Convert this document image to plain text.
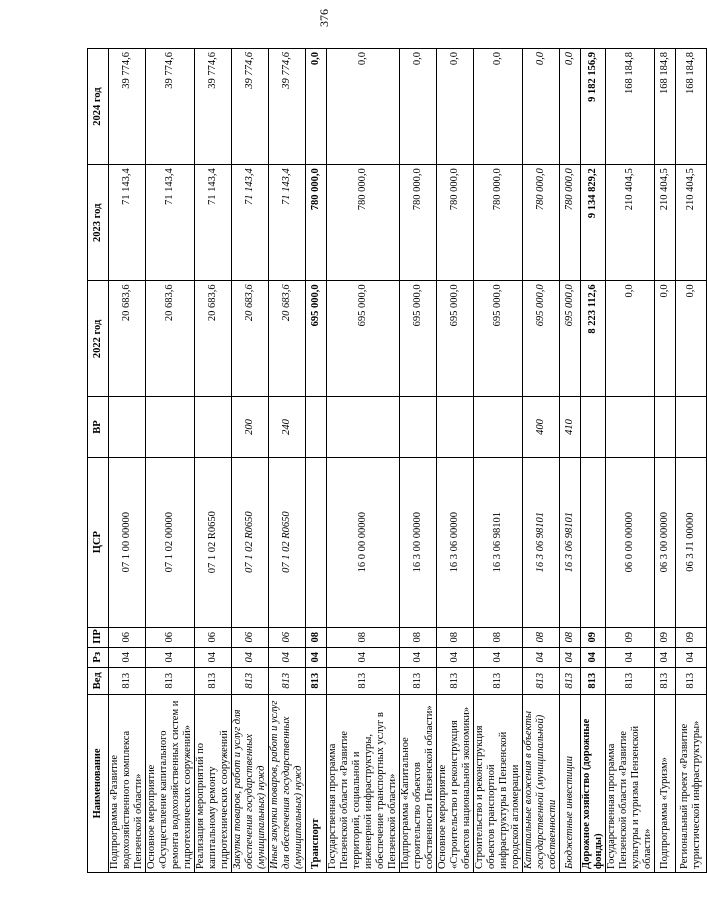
376
Наименование	Вед	Рз	ПР	ЦСР	ВР	2022 год	2023 год	2024 год
Подпрограмма «Развитие водохозяйственного комплекса Пензенской области»	813	04	06	07 1 00 00000		20 683,6	71 143,4	39 774,6
Основное мероприятие «Осуществление капитального ремонта водохозяйственных систем и гидротехнических сооружений»	813	04	06	07 1 02 00000		20 683,6	71 143,4	39 774,6
Реализация мероприятий по капитальному ремонту гидротехнических сооружений	813	04	06	07 1 02 R0650		20 683,6	71 143,4	39 774,6
Закупка товаров, работ и услуг для обеспечения государственных (муниципальных) нужд	813	04	06	07 1 02 R0650	200	20 683,6	71 143,4	39 774,6
Иные закупки товаров, работ и услуг для обеспечения государственных (муниципальных) нужд	813	04	06	07 1 02 R0650	240	20 683,6	71 143,4	39 774,6
Транспорт	813	04	08			695 000,0	780 000,0	0,0
Государственная программа Пензенской области «Развитие территорий, социальной и инженерной инфраструктуры, обеспечение транспортных услуг в Пензенской области»	813	04	08	16 0 00 00000		695 000,0	780 000,0	0,0
Подпрограмма «Капитальное строительство объектов собственности Пензенской области»	813	04	08	16 3 00 00000		695 000,0	780 000,0	0,0
Основное мероприятие «Строительство и реконструкция объектов национальной экономики»	813	04	08	16 3 06 00000		695 000,0	780 000,0	0,0
Строительство и реконструкция объектов транспортной инфраструктуры в Пензенской городской агломерации	813	04	08	16 3 06 98101		695 000,0	780 000,0	0,0
Капитальные вложения в объекты государственной (муниципальной) собственности	813	04	08	16 3 06 98101	400	695 000,0	780 000,0	0,0
Бюджетные инвестиции	813	04	08	16 3 06 98101	410	695 000,0	780 000,0	0,0
Дорожное хозяйство (дорожные фонды)	813	04	09			8 223 112,6	9 134 829,2	9 182 156,9
Государственная программа Пензенской области «Развитие культуры и туризма Пензенской области»	813	04	09	06 0 00 00000		0,0	210 404,5	168 184,8
Подпрограмма «Туризм»	813	04	09	06 3 00 00000		0,0	210 404,5	168 184,8
Региональный проект «Развитие туристической инфраструктуры»	813	04	09	06 3 J1 00000		0,0	210 404,5	168 184,8
